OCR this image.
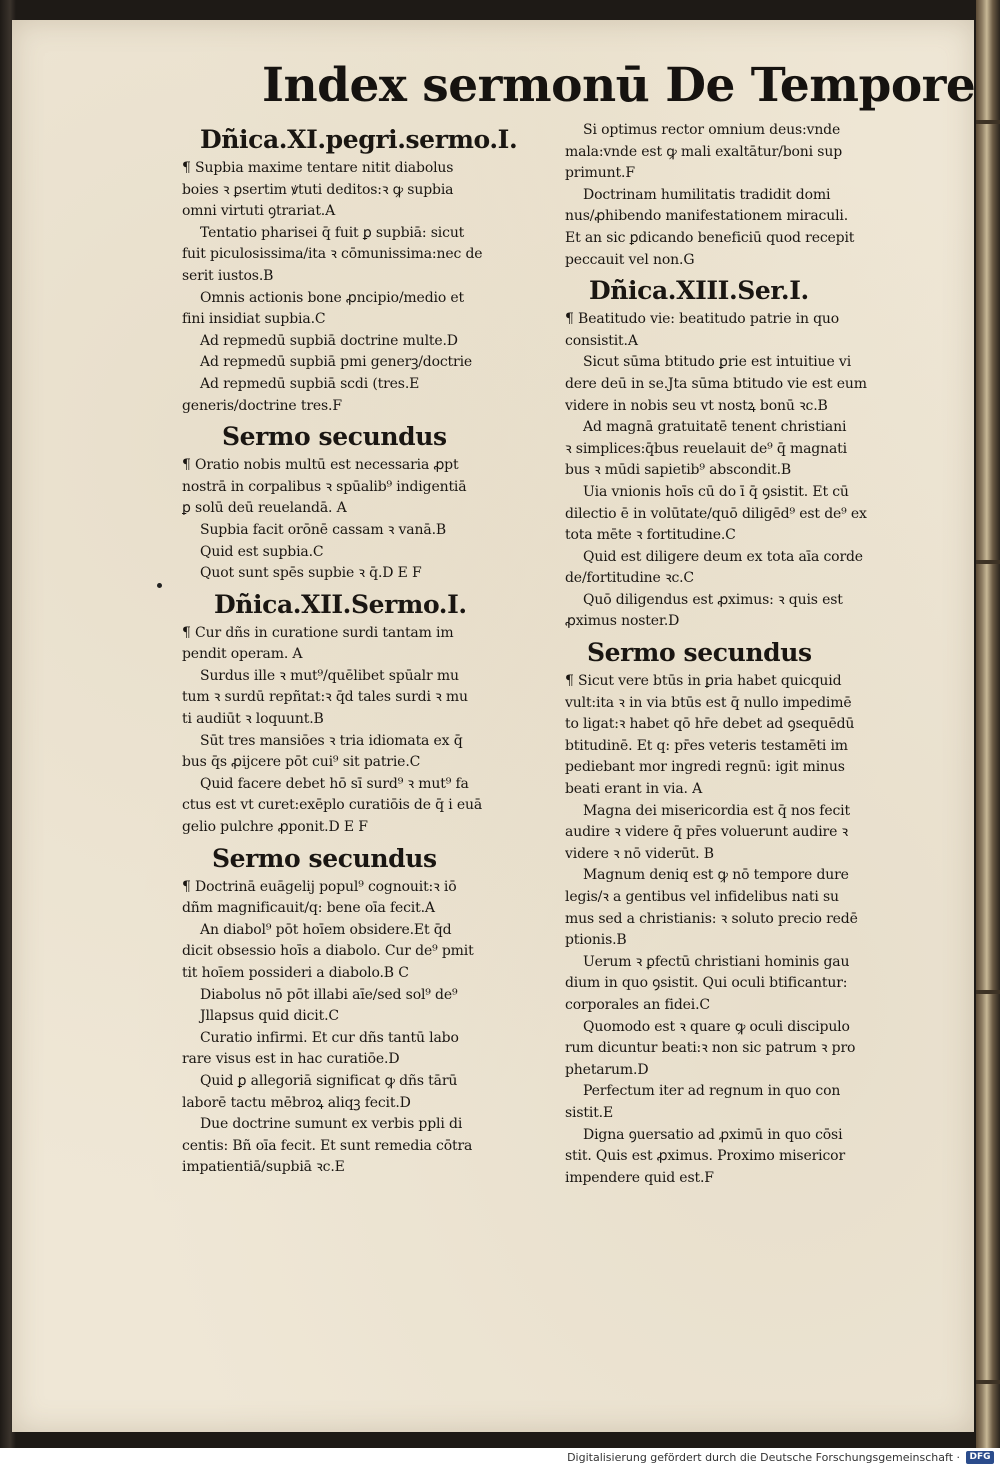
Index sermonū De Tempore
Dñica.XI.pegri.sermo.I.
¶ Supbia maxime tentare nitit diabolus
boies ꝛ ꝑsertim ꝟtuti deditos:ꝛ ꝙ supbia
omni virtuti ꝯtrariat.A
Tentatio pharisei q̄ fuit ꝑ supbiā: sicut
fuit piculosissima/ita ꝛ cōmunissima:nec de
serit iustos.B
Omnis actionis bone ꝓncipio/medio et
fini insidiat supbia.C
Ad repmedū supbiā doctrine multe.D
Ad repmedū supbiā pmi generꝫ/doctrie
Ad repmedū supbiā scdi (tres.E
generis/doctrine tres.F
Sermo secundus
¶ Oratio nobis multū est necessaria ꝓpt
nostrā in corpalibus ꝛ spūalib⁹ indigentiā
ꝑ solū deū reuelandā. A
Supbia facit orōnē cassam ꝛ vanā.B
Quid est supbia.C
Quot sunt spēs supbie ꝛ q̄.D E F
Dñica.XII.Sermo.I.
¶ Cur dñs in curatione surdi tantam im
pendit operam. A
Surdus ille ꝛ mut⁹/quēlibet spūalr mu
tum ꝛ surdū repñtat:ꝛ q̄d tales surdi ꝛ mu
ti audiūt ꝛ loquunt.B
Sūt tres mansiōes ꝛ tria idiomata ex q̄
bus q̄s ꝓijcere pōt cui⁹ sit patrie.C
Quid facere debet hō sī surd⁹ ꝛ mut⁹ fa
ctus est vt curet:exēplo curatiōis de q̄ i euā
gelio pulchre ꝓponit.D E F
Sermo secundus
¶ Doctrinā euāgelij popul⁹ cognouit:ꝛ iō
dñm magnificauit/q: bene oīa fecit.A
An diabol⁹ pōt hoīem obsidere.Et q̄d
dicit obsessio hoīs a diabolo. Cur de⁹ pmit
tit hoīem possideri a diabolo.B C
Diabolus nō pōt illabi aīe/sed sol⁹ de⁹
Jllapsus quid dicit.C
Curatio infirmi. Et cur dñs tantū labo
rare visus est in hac curatiōe.D
Quid ꝑ allegoriā significat ꝙ dñs tārū
laborē tactu mēbroꝝ aliqꝫ fecit.D
Due doctrine sumunt ex verbis ppli di
centis: Bñ oīa fecit. Et sunt remedia cōtra
impatientiā/supbiā ꝛc.E
Si optimus rector omnium deus:vnde
mala:vnde est ꝙ mali exaltātur/boni sup
primunt.F
Doctrinam humilitatis tradidit domi
nus/ꝓhibendo manifestationem miraculi.
Et an sic ꝑdicando beneficiū quod recepit
peccauit vel non.G
Dñica.XIII.Ser.I.
¶ Beatitudo vie: beatitudo patrie in quo
consistit.A
Sicut sūma btitudo ꝑrie est intuitiue vi
dere deū in se.Jta sūma btitudo vie est eum
videre in nobis seu vt nostꝝ bonū ꝛc.B
Ad magnā gratuitatē tenent christiani
ꝛ simplices:q̄bus reuelauit de⁹ q̄ magnati
bus ꝛ mūdi sapietib⁹ abscondit.B
Uia vnionis hoīs cū do ī q̄ ꝯsistit. Et cū
dilectio ē in volūtate/quō diligēd⁹ est de⁹ ex
tota mēte ꝛ fortitudine.C
Quid est diligere deum ex tota aīa corde
de/fortitudine ꝛc.C
Quō diligendus est ꝓximus: ꝛ quis est
ꝓximus noster.D
Sermo secundus
¶ Sicut vere btūs in ꝑria habet quicquid
vult:ita ꝛ in via btūs est q̄ nullo impedimē
to ligat:ꝛ habet qō hr̄e debet ad ꝯsequēdū
btitudinē. Et q: pr̄es veteris testamēti im
pediebant mor ingredi regnū: igit minus
beati erant in via. A
Magna dei misericordia est q̄ nos fecit
audire ꝛ videre q̄ pr̄es voluerunt audire ꝛ
videre ꝛ nō viderūt. B
Magnum deniq est ꝙ nō tempore dure
legis/ꝛ a gentibus vel infidelibus nati su
mus sed a christianis: ꝛ soluto precio redē
ptionis.B
Uerum ꝛ ꝑfectū christiani hominis gau
dium in quo ꝯsistit. Qui oculi btificantur:
corporales an fidei.C
Quomodo est ꝛ quare ꝙ oculi discipulo
rum dicuntur beati:ꝛ non sic patrum ꝛ pro
phetarum.D
Perfectum iter ad regnum in quo con
sistit.E
Digna ꝯuersatio ad ꝓximū in quo cōsi
stit. Quis est ꝓximus. Proximo misericor
impendere quid est.F
Digitalisierung gefördert durch die Deutsche Forschungsgemeinschaft ·	DFG
